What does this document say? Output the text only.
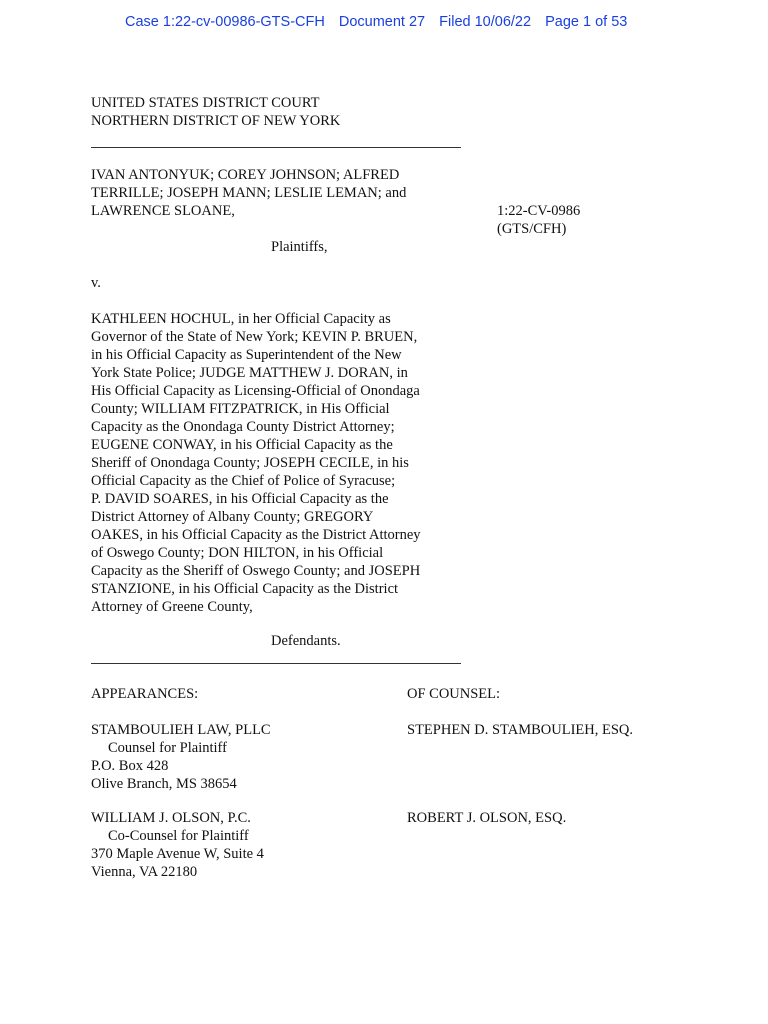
Case 1:22-cv-00986-GTS-CFH Document 27 Filed 10/06/22 Page 1 of 53
UNITED STATES DISTRICT COURT
NORTHERN DISTRICT OF NEW YORK
IVAN ANTONYUK; COREY JOHNSON; ALFRED
TERRILLE; JOSEPH MANN; LESLIE LEMAN; and
LAWRENCE SLOANE,	1:22-CV-0986
(GTS/CFH)
Plaintiffs,
v.
KATHLEEN HOCHUL, in her Official Capacity as
Governor of the State of New York; KEVIN P. BRUEN,
in his Official Capacity as Superintendent of the New
York State Police; JUDGE MATTHEW J. DORAN, in
His Official Capacity as Licensing-Official of Onondaga
County; WILLIAM FITZPATRICK, in His Official
Capacity as the Onondaga County District Attorney;
EUGENE CONWAY, in his Official Capacity as the
Sheriff of Onondaga County; JOSEPH CECILE, in his
Official Capacity as the Chief of Police of Syracuse;
P. DAVID SOARES, in his Official Capacity as the
District Attorney of Albany County; GREGORY
OAKES, in his Official Capacity as the District Attorney
of Oswego County; DON HILTON, in his Official
Capacity as the Sheriff of Oswego County; and JOSEPH
STANZIONE, in his Official Capacity as the District
Attorney of Greene County,
Defendants.
APPEARANCES:	OF COUNSEL:
STAMBOULIEH LAW, PLLC
Counsel for Plaintiff
P.O. Box 428
Olive Branch, MS 38654
STEPHEN D. STAMBOULIEH, ESQ.
WILLIAM J. OLSON, P.C.
Co-Counsel for Plaintiff
370 Maple Avenue W, Suite 4
Vienna, VA 22180
ROBERT J. OLSON, ESQ.
